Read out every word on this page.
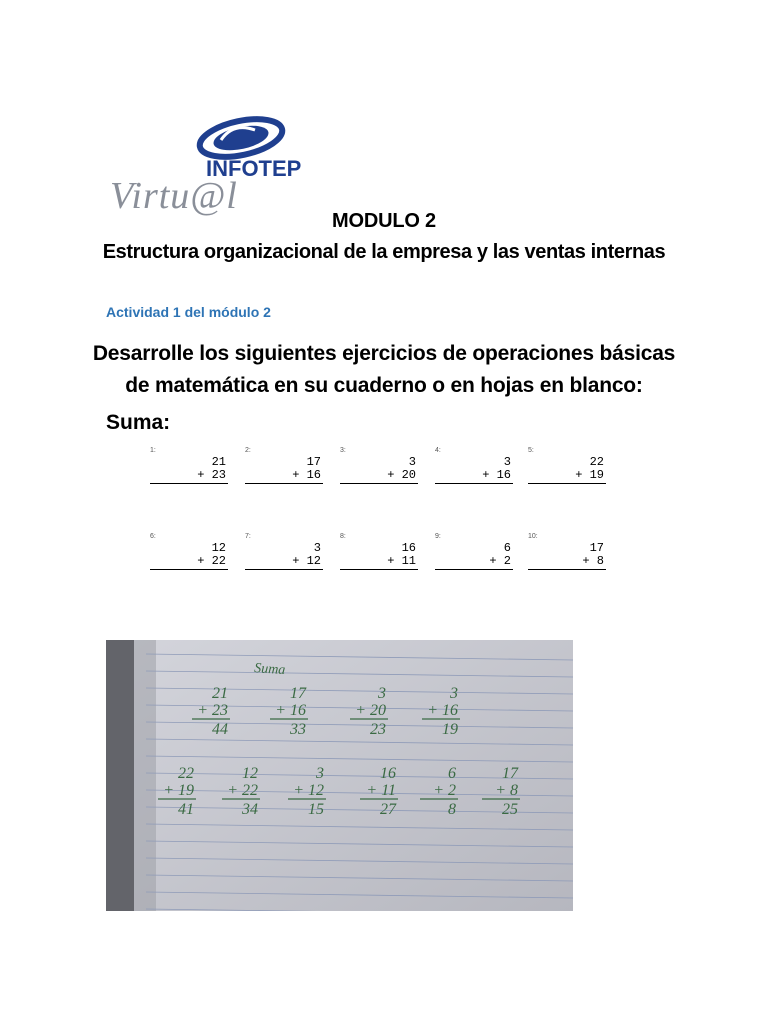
INFOTEP
Virtu@l
MODULO 2
Estructura organizacional de la empresa y las ventas internas
Actividad 1 del módulo 2
Desarrolle los siguientes ejercicios de operaciones básicas
de matemática en su cuaderno o en hojas en blanco:
Suma:
1:
21
+ 23
2:
17
+ 16
3:
3
+ 20
4:
3
+ 16
5:
22
+ 19
6:
12
+ 22
7:
3
+ 12
8:
16
+ 11
9:
6
+ 2
10:
17
+ 8
Suma
21
+ 23
44
17
+ 16
33
3
+ 20
23
3
+ 16
19
22
+ 19
41
12
+ 22
34
3
+ 12
15
16
+ 11
27
6
+ 2
8
17
+ 8
25
